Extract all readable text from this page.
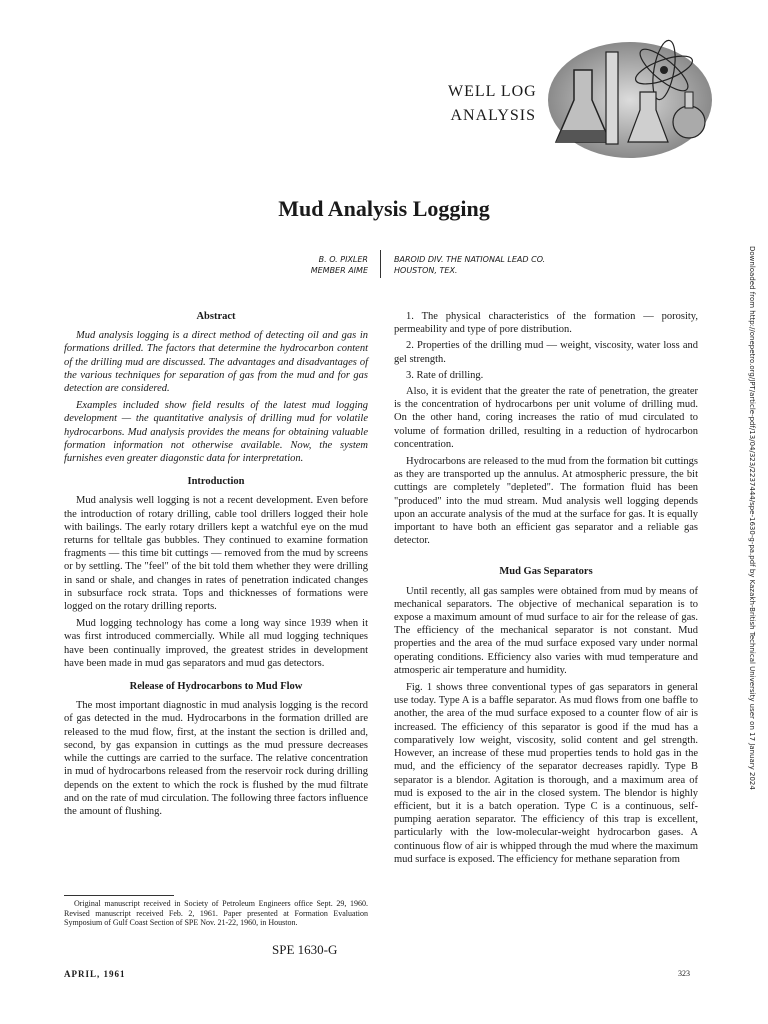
WELL LOG
ANALYSIS
Mud Analysis Logging
B. O. PIXLER
MEMBER AIME
BAROID DIV. THE NATIONAL LEAD CO.
HOUSTON, TEX.
Abstract

Mud analysis logging is a direct method of detecting oil and gas in formations drilled. The factors that determine the hydrocarbon content of the drilling mud are discussed. The advantages and disadvantages of the various techniques for separation of gas from the mud and for gas detection are considered.

Examples included show field results of the latest mud logging development — the quantitative analysis of drilling mud for volatile hydrocarbons. Mud analysis provides the means for obtaining valuable formation information not otherwise available. Now, the system furnishes even greater diagonstic data for interpretation.

Introduction

Mud analysis well logging is not a recent development. Even before the introduction of rotary drilling, cable tool drillers logged their hole with bailings. The early rotary drillers kept a watchful eye on the mud returns for telltale gas bubbles. They continued to examine formation fragments — this time bit cuttings — removed from the mud by screens or by settling. The "feel" of the bit told them whether they were drilling in sand or shale, and changes in rates of penetration indicated changes in subsurface rock strata. Tops and thicknesses of formations were logged on the rotary drilling reports.

Mud logging technology has come a long way since 1939 when it was first introduced commercially. While all mud logging techniques have been continually improved, the greatest strides in development have been made in mud gas separators and mud gas detectors.

Release of Hydrocarbons to Mud Flow

The most important diagnostic in mud analysis logging is the record of gas detected in the mud. Hydrocarbons in the formation drilled are released to the mud flow, first, at the instant the section is drilled and, second, by gas expansion in cuttings as the mud pressure decreases while the cuttings are carried to the surface. The relative concentration in mud of hydrocarbons released from the reservoir rock during drilling depends on the extent to which the rock is flushed by the mud filtrate and on the rate of mud circulation. The following three factors influence the amount of flushing.

1. The physical characteristics of the formation — porosity, permeability and type of pore distribution.

2. Properties of the drilling mud — weight, viscosity, water loss and gel strength.

3. Rate of drilling.

Also, it is evident that the greater the rate of penetration, the greater is the concentration of hydrocarbons per unit volume of drilling mud. On the other hand, coring increases the ratio of mud circulated to volume of formation drilled, resulting in a reduction of hydrocarbon concentration.

Hydrocarbons are released to the mud from the formation bit cuttings as they are transported up the annulus. At atmospheric pressure, the bit cuttings are completely "depleted". The formation fluid has been "produced" into the mud stream. Mud analysis well logging depends upon an accurate analysis of the mud at the surface for gas. It is equally important to have both an efficient gas separator and a reliable gas detector.

Mud Gas Separators

Until recently, all gas samples were obtained from mud by means of mechanical separators. The objective of mechanical separation is to expose a maximum amount of mud surface to air for the release of gas. The efficiency of the mechanical separator is not constant. Mud properties and the area of the mud surface exposed vary under normal operating conditions. Efficiency also varies with mud temperature and atmosperic air temperature and humidity.

Fig. 1 shows three conventional types of gas separators in general use today. Type A is a baffle separator. As mud flows from one baffle to another, the area of the mud surface exposed to a counter flow of air is increased. The efficiency of this separator is good if the mud has a comparatively low weight, viscosity, solid content and gel strength. However, an increase of these mud properties tends to hold gas in the mud, and the efficiency of the separator decreases rapidly. Type B separator is a blendor. Agitation is thorough, and a maximum area of mud is exposed to the air in the closed system. The blendor is highly efficient, but it is a batch operation. Type C is a continuous, self-pumping aeration separator. The efficiency of this trap is excellent, particularly with the low-molecular-weight hydrocarbon gases. A continuous flow of air is whipped through the mud where the maximum mud surface is exposed. The efficiency for methane separation from

Original manuscript received in Society of Petroleum Engineers office Sept. 29, 1960. Revised manuscript received Feb. 2, 1961. Paper presented at Formation Evaluation Symposium of Gulf Coast Section of SPE Nov. 21-22, 1960, in Houston.
SPE 1630-G
APRIL, 1961	323
Downloaded from http://onepetro.org/JPT/article-pdf/13/04/323/2237444/spe-1630-g-pa.pdf by Kazakh-British Technical University user on 17 January 2024
